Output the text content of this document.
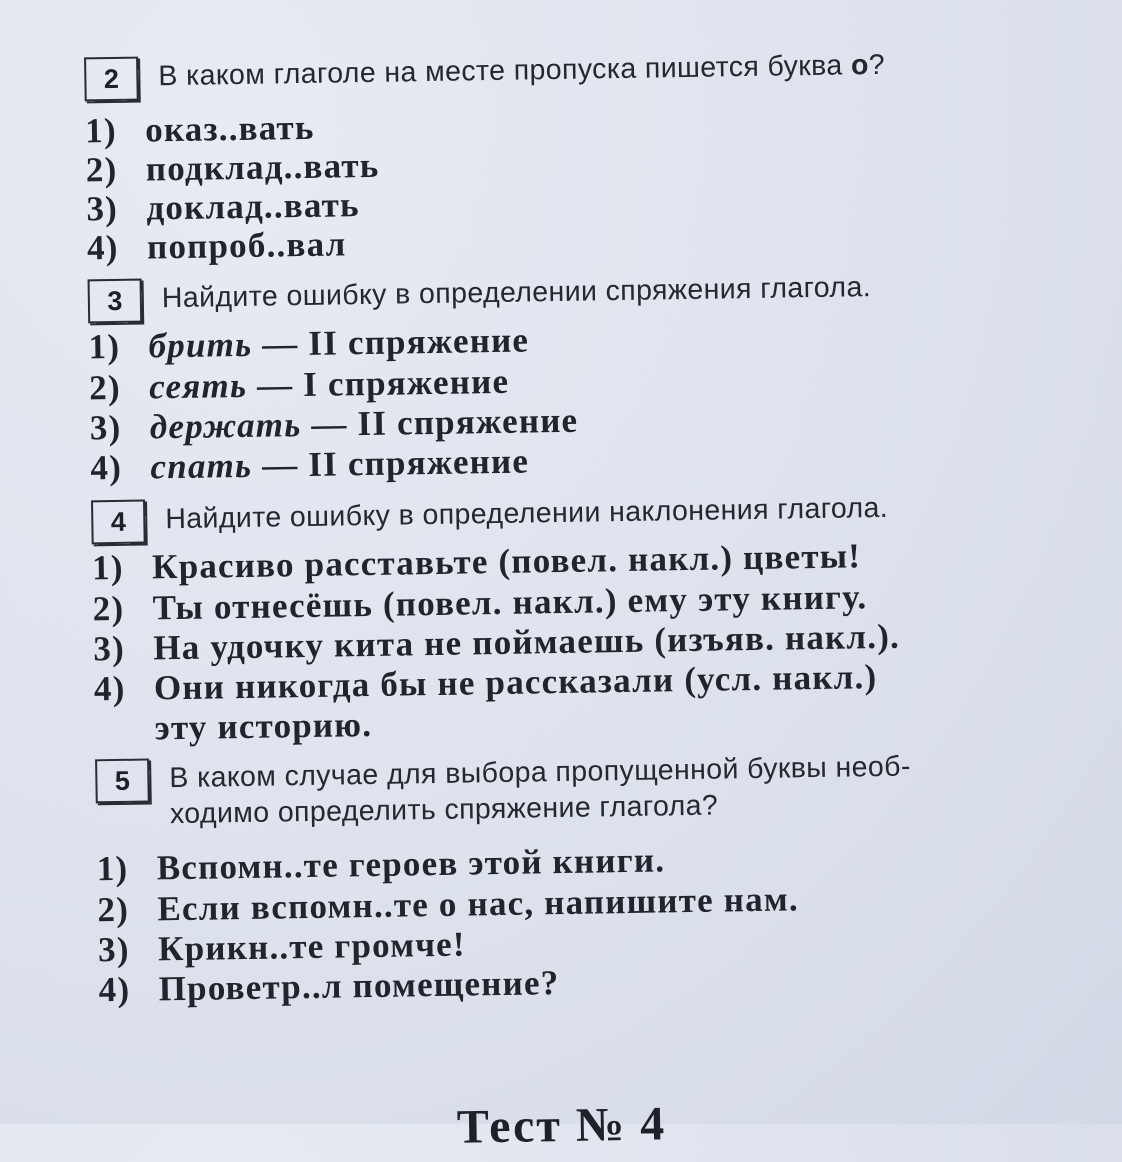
2	В каком глаголе на месте пропуска пишется буква о?
1) оказ..вать
2) подклад..вать
3) доклад..вать
4) попроб..вал
3	Найдите ошибку в определении спряжения глагола.
1) брить — II спряжение
2) сеять — I спряжение
3) держать — II спряжение
4) спать — II спряжение
4	Найдите ошибку в определении наклонения глагола.
1) Красиво расставьте (повел. накл.) цветы!
2) Ты отнесёшь (повел. накл.) ему эту книгу.
3) На удочку кита не поймаешь (изъяв. накл.).
4) Они никогда бы не рассказали (усл. накл.)
эту историю.
5	В каком случае для выбора пропущенной буквы необ-
ходимо определить спряжение глагола?
1) Вспомн..те героев этой книги.
2) Если вспомн..те о нас, напишите нам.
3) Крикн..те громче!
4) Проветр..л помещение?
Тест № 4
